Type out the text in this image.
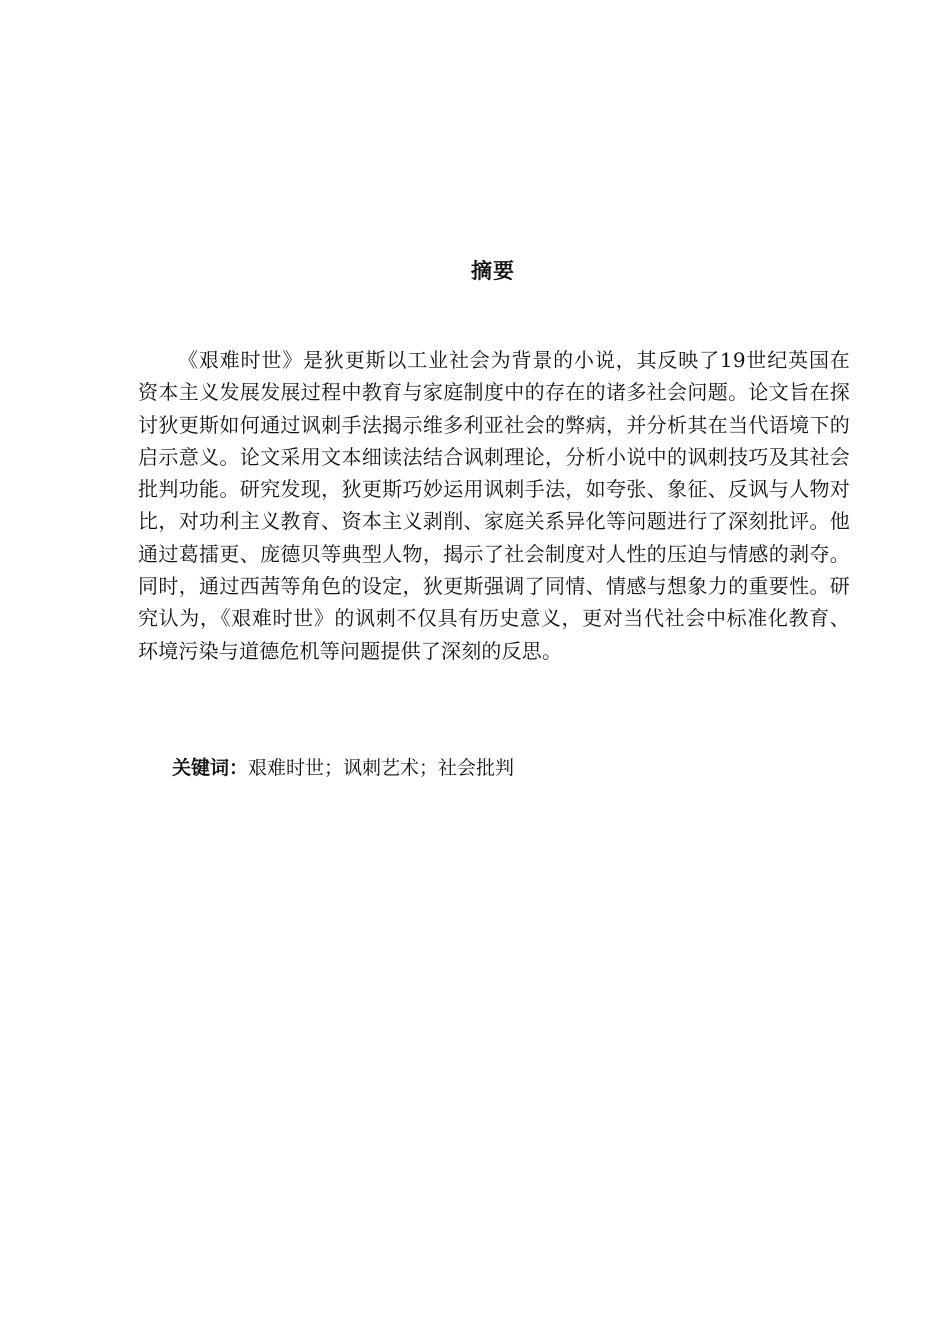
摘要

《艰难时世》是狄更斯以工业社会为背景的小说，其反映了19世纪英国在资本主义发展发展过程中教育与家庭制度中的存在的诸多社会问题。论文旨在探讨狄更斯如何通过讽刺手法揭示维多利亚社会的弊病，并分析其在当代语境下的启示意义。论文采用文本细读法结合讽刺理论，分析小说中的讽刺技巧及其社会批判功能。研究发现，狄更斯巧妙运用讽刺手法，如夸张、象征、反讽与人物对比，对功利主义教育、资本主义剥削、家庭关系异化等问题进行了深刻批评。他通过葛擂更、庞德贝等典型人物，揭示了社会制度对人性的压迫与情感的剥夺。同时，通过西茜等角色的设定，狄更斯强调了同情、情感与想象力的重要性。研究认为，《艰难时世》的讽刺不仅具有历史意义，更对当代社会中标准化教育、环境污染与道德危机等问题提供了深刻的反思。

关键词：艰难时世；讽刺艺术；社会批判
